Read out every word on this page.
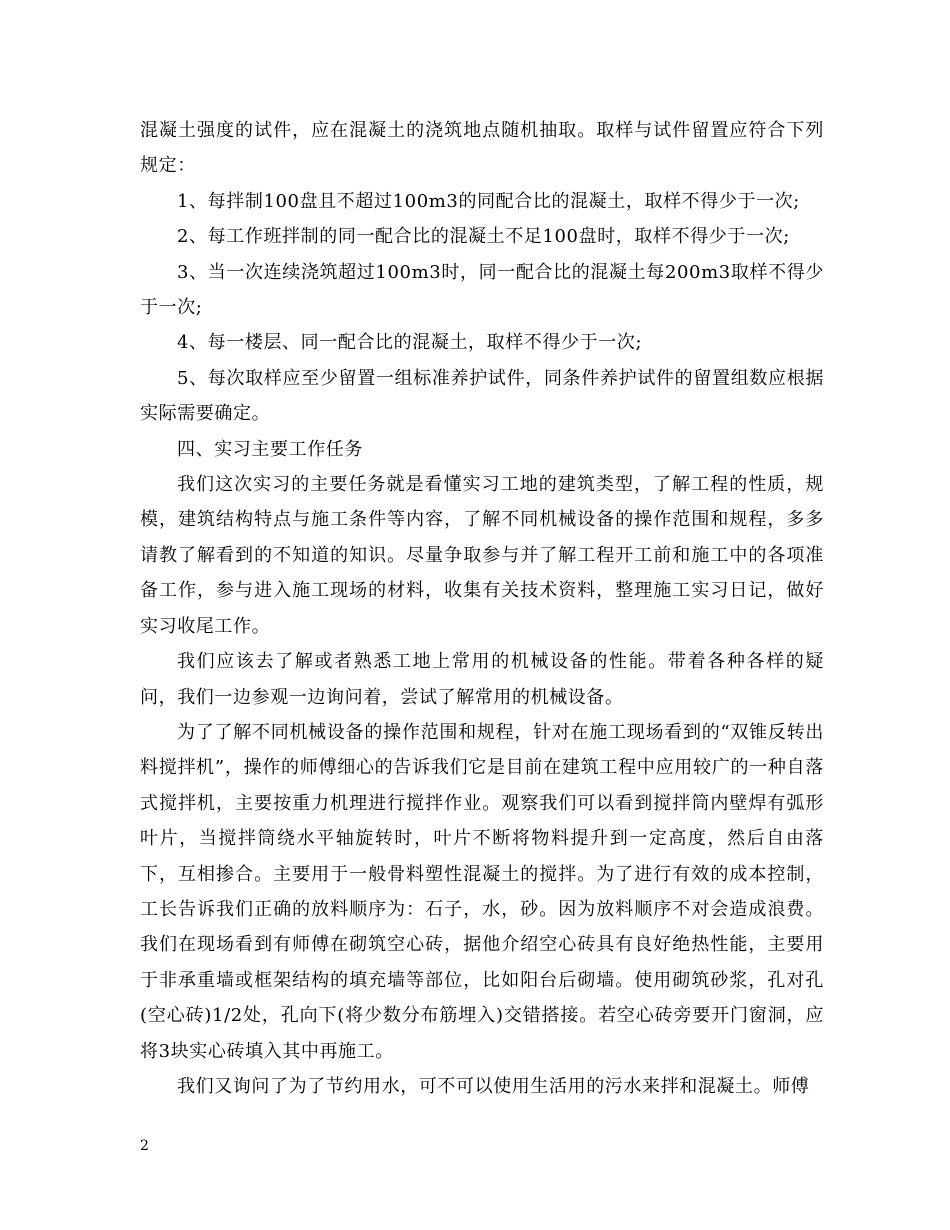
混凝土强度的试件，应在混凝土的浇筑地点随机抽取。取样与试件留置应符合下列规定：

1、每拌制100盘且不超过100m3的同配合比的混凝土，取样不得少于一次;

2、每工作班拌制的同一配合比的混凝土不足100盘时，取样不得少于一次;

3、当一次连续浇筑超过100m3时，同一配合比的混凝土每200m3取样不得少于一次;

4、每一楼层、同一配合比的混凝土，取样不得少于一次;

5、每次取样应至少留置一组标准养护试件，同条件养护试件的留置组数应根据实际需要确定。

四、实习主要工作任务

我们这次实习的主要任务就是看懂实习工地的建筑类型，了解工程的性质，规模，建筑结构特点与施工条件等内容，了解不同机械设备的操作范围和规程，多多请教了解看到的不知道的知识。尽量争取参与并了解工程开工前和施工中的各项准备工作，参与进入施工现场的材料，收集有关技术资料，整理施工实习日记，做好实习收尾工作。

我们应该去了解或者熟悉工地上常用的机械设备的性能。带着各种各样的疑问，我们一边参观一边询问着，尝试了解常用的机械设备。

为了了解不同机械设备的操作范围和规程，针对在施工现场看到的“双锥反转出料搅拌机”，操作的师傅细心的告诉我们它是目前在建筑工程中应用较广的一种自落式搅拌机，主要按重力机理进行搅拌作业。观察我们可以看到搅拌筒内壁焊有弧形叶片，当搅拌筒绕水平轴旋转时，叶片不断将物料提升到一定高度，然后自由落下，互相掺合。主要用于一般骨料塑性混凝土的搅拌。为了进行有效的成本控制，工长告诉我们正确的放料顺序为：石子，水，砂。因为放料顺序不对会造成浪费。我们在现场看到有师傅在砌筑空心砖，据他介绍空心砖具有良好绝热性能，主要用于非承重墙或框架结构的填充墙等部位，比如阳台后砌墙。使用砌筑砂浆，孔对孔(空心砖)1/2处，孔向下(将少数分布筋埋入)交错搭接。若空心砖旁要开门窗洞，应将3块实心砖填入其中再施工。

我们又询问了为了节约用水，可不可以使用生活用的污水来拌和混凝土。师傅

2
